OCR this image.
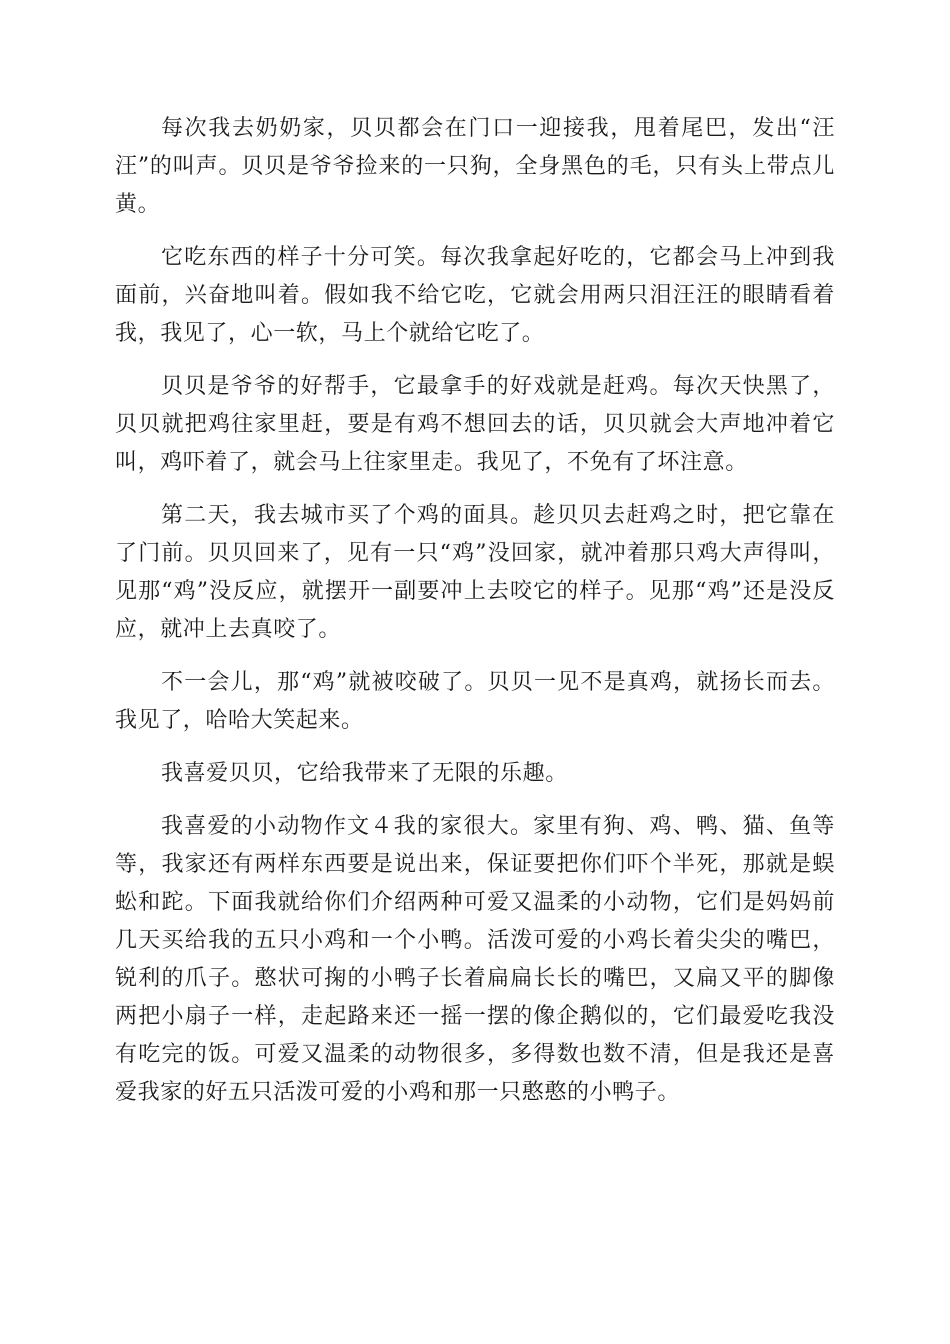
每次我去奶奶家，贝贝都会在门口一迎接我，甩着尾巴，发出“汪汪”的叫声。贝贝是爷爷捡来的一只狗，全身黑色的毛，只有头上带点儿黄。

它吃东西的样子十分可笑。每次我拿起好吃的，它都会马上冲到我面前，兴奋地叫着。假如我不给它吃，它就会用两只泪汪汪的眼睛看着我，我见了，心一软，马上个就给它吃了。

贝贝是爷爷的好帮手，它最拿手的好戏就是赶鸡。每次天快黑了，贝贝就把鸡往家里赶，要是有鸡不想回去的话，贝贝就会大声地冲着它叫，鸡吓着了，就会马上往家里走。我见了，不免有了坏注意。

第二天，我去城市买了个鸡的面具。趁贝贝去赶鸡之时，把它靠在了门前。贝贝回来了，见有一只“鸡”没回家，就冲着那只鸡大声得叫，见那“鸡”没反应，就摆开一副要冲上去咬它的样子。见那“鸡”还是没反应，就冲上去真咬了。

不一会儿，那“鸡”就被咬破了。贝贝一见不是真鸡，就扬长而去。我见了，哈哈大笑起来。

我喜爱贝贝，它给我带来了无限的乐趣。

我喜爱的小动物作文４我的家很大。家里有狗、鸡、鸭、猫、鱼等等，我家还有两样东西要是说出来，保证要把你们吓个半死，那就是蜈蚣和跎。下面我就给你们介绍两种可爱又温柔的小动物，它们是妈妈前几天买给我的五只小鸡和一个小鸭。活泼可爱的小鸡长着尖尖的嘴巴，锐利的爪子。憨状可掬的小鸭子长着扁扁长长的嘴巴，又扁又平的脚像两把小扇子一样，走起路来还一摇一摆的像企鹅似的，它们最爱吃我没有吃完的饭。可爱又温柔的动物很多，多得数也数不清，但是我还是喜爱我家的好五只活泼可爱的小鸡和那一只憨憨的小鸭子。
